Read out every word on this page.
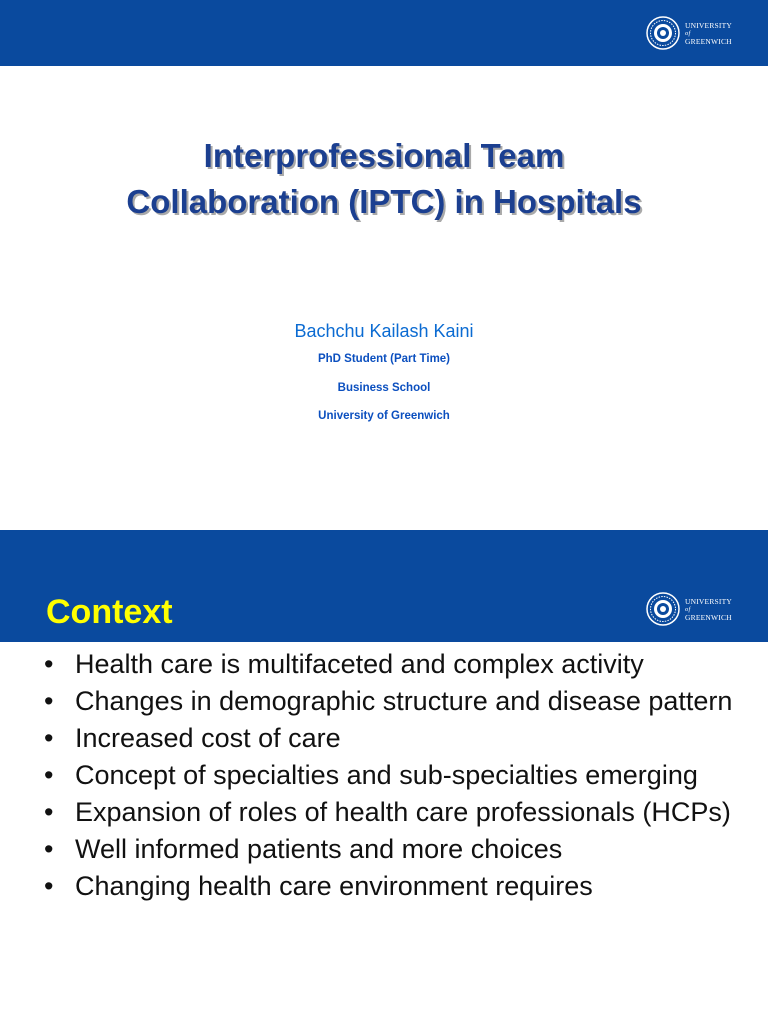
UNIVERSITY
of
GREENWICH
Interprofessional Team
Collaboration (IPTC) in Hospitals
Bachchu Kailash Kaini
PhD Student (Part Time)
Business School
University of Greenwich
Context	UNIVERSITY
of
GREENWICH
• Health care is multifaceted and complex activity
• Changes in demographic structure and disease pattern
• Increased cost of care
• Concept of specialties and sub-specialties emerging
• Expansion of roles of health care professionals (HCPs)
• Well informed patients and more choices
• Changing health care environment requires
